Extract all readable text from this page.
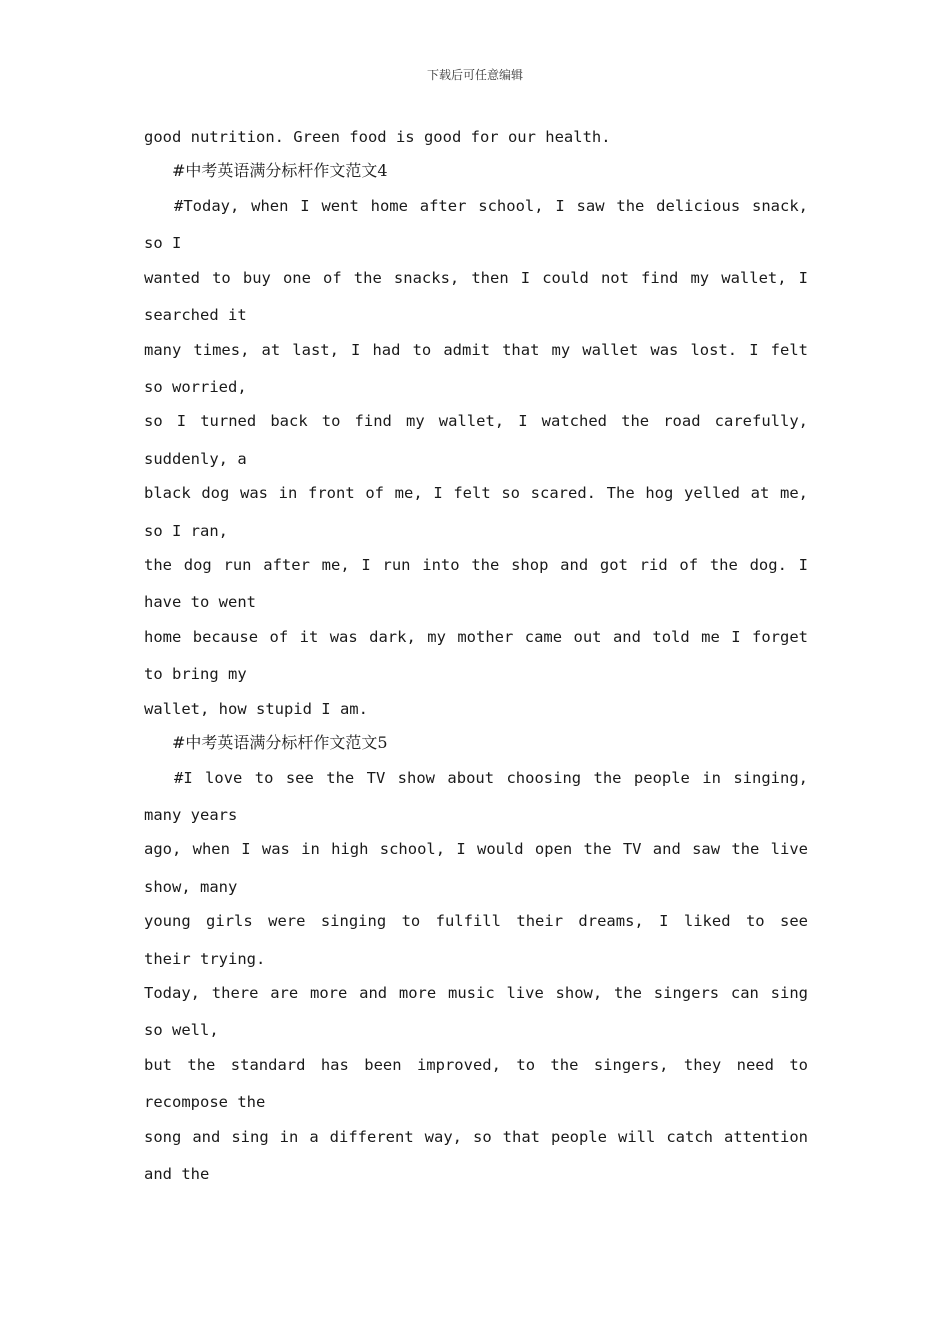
下载后可任意编辑
good nutrition. Green food is good for our health.
#中考英语满分标杆作文范文4
#Today, when I went home after school, I saw the delicious snack,
so I
wanted to buy one of the snacks, then I could not find my wallet, I
searched it
many times, at last, I had to admit that my wallet was lost. I felt
so worried,
so I turned back to find my wallet, I watched the road carefully,
suddenly, a
black dog was in front of me, I felt so scared. The hog yelled at me,
so I ran,
the dog run after me, I run into the shop and got rid of the dog. I
have to went
home because of it was dark, my mother came out and told me I forget
to bring my
wallet, how stupid I am.
#中考英语满分标杆作文范文5
#I love to see the TV show about choosing the people in singing,
many years
ago, when I was in high school, I would open the TV and saw the live
show, many
young girls were singing to fulfill their dreams, I liked to see
their trying.
Today, there are more and more music live show, the singers can sing
so well,
but the standard has been improved, to the singers, they need to
recompose the
song and sing in a different way, so that people will catch attention
and the
